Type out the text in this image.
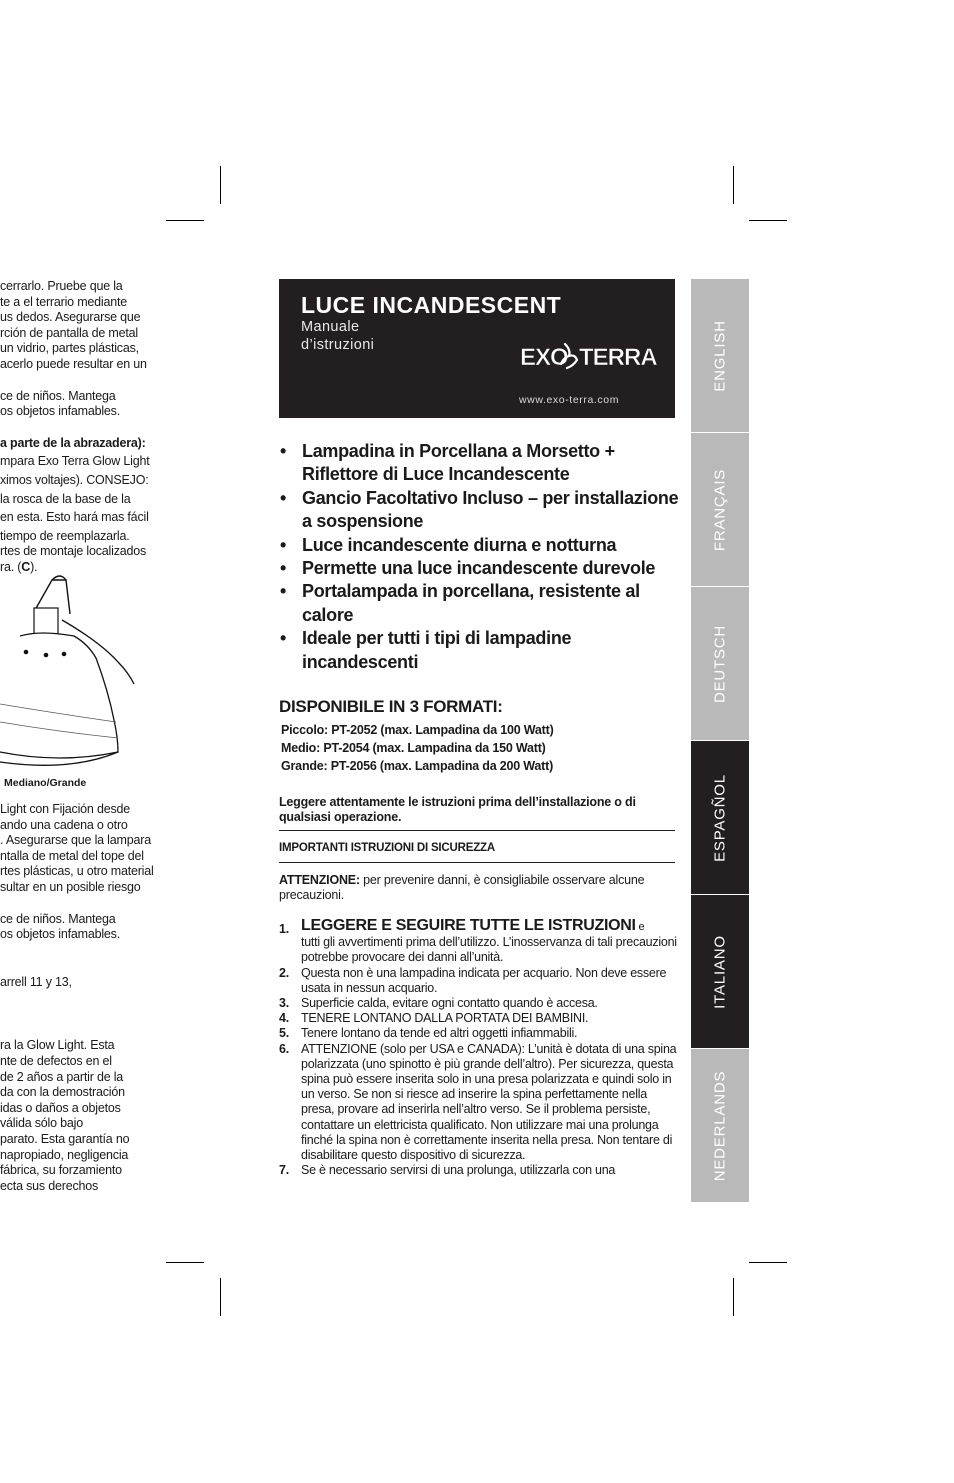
cerrarlo. Pruebe que la

te a el terrario mediante

us dedos. Asegurarse que

rción de pantalla de metal

un vidrio, partes plásticas,

acerlo puede resultar en un

ce de niños. Mantega

os objetos infamables.

a parte de la abrazadera):

mpara Exo Terra Glow Light

ximos voltajes). CONSEJO:

la rosca de la base de la

en esta. Esto hará mas fácil

tiempo de reemplazarla.

rtes de montaje localizados

ra. (C).

Mediano/Grande

Light con Fijación desde

ando una cadena o otro

. Asegurarse que la lampara

ntalla de metal del tope del

rtes plásticas, u otro material

sultar en un posible riesgo

ce de niños. Mantega

os objetos infamables.

arrell 11 y 13,

ra la Glow Light. Esta

nte de defectos en el

de 2 años a partir de la

da con la demostración

idas o daños a objetos

válida sólo bajo

parato. Esta garantía no

napropiado, negligencia

fábrica, su forzamiento

ecta sus derechos

LUCE INCANDESCENT
Manuale
d’istruzioni	EXO TERRA
www.exo-terra.com
• Lampadina in Porcellana a Morsetto + Riflettore di Luce Incandescente
• Gancio Facoltativo Incluso – per installazione a sospensione
• Luce incandescente diurna e notturna
• Permette una luce incandescente durevole
• Portalampada in porcellana, resistente al calore
• Ideale per tutti i tipi di lampadine incandescenti
DISPONIBILE IN 3 FORMATI:

Piccolo: PT-2052 (max. Lampadina da 100 Watt)

Medio: PT-2054 (max. Lampadina da 150 Watt)

Grande: PT-2056 (max. Lampadina da 200 Watt)

Leggere attentamente le istruzioni prima dell’installazione o di qualsiasi operazione.
IMPORTANTI ISTRUZIONI DI SICUREZZA
ATTENZIONE: per prevenire danni, è consigliabile osservare alcune precauzioni.
1. LEGGERE E SEGUIRE TUTTE LE ISTRUZIONI e
tutti gli avvertimenti prima dell’utilizzo. L’inosservanza di tali precauzioni potrebbe provocare dei danni all’unità.
2. Questa non è una lampadina indicata per acquario. Non deve essere usata in nessun acquario.
3. Superficie calda, evitare ogni contatto quando è accesa.
4. TENERE LONTANO DALLA PORTATA DEI BAMBINI.
5. Tenere lontano da tende ed altri oggetti infiammabili.
6. ATTENZIONE (solo per USA e CANADA): L’unità è dotata di una spina polarizzata (uno spinotto è più grande dell’altro). Per sicurezza, questa spina può essere inserita solo in una presa polarizzata e quindi solo in un verso. Se non si riesce ad inserire la spina perfettamente nella presa, provare ad inserirla nell’altro verso. Se il problema persiste, contattare un elettricista qualificato. Non utilizzare mai una prolunga finché la spina non è correttamente inserita nella presa. Non tentare di disabilitare questo dispositivo di sicurezza.
7. Se è necessario servirsi di una prolunga, utilizzarla con una
ENGLISH
FRANÇAIS
DEUTSCH
ESPAGÑOL
ITALIANO
NEDERLANDS
